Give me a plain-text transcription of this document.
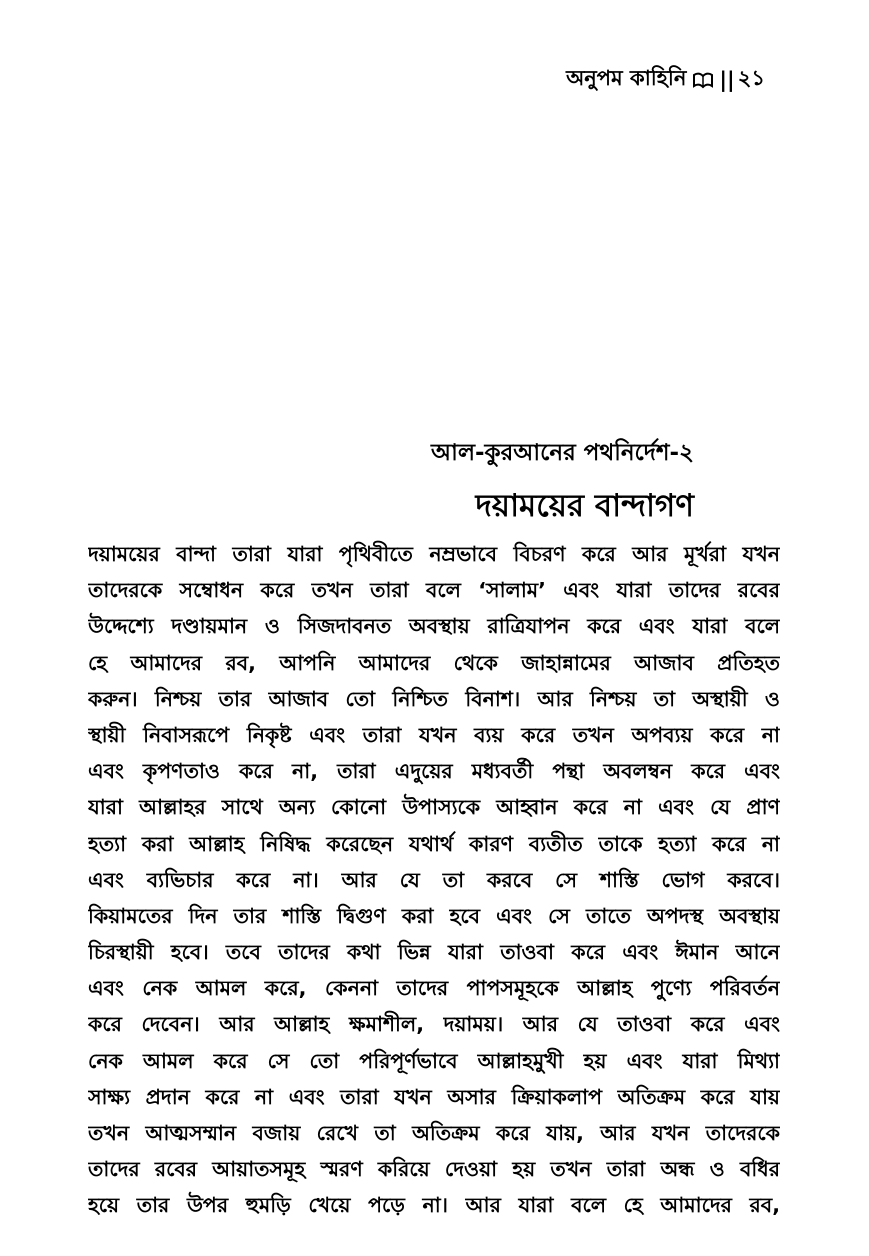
অনুপম কাহিনি || ২১
আল-কুরআনের পথনির্দেশ-২
দয়াময়ের বান্দাগণ
দয়াময়ের বান্দা তারা যারা পৃথিবীতে নম্রভাবে বিচরণ করে আর মূর্খরা যখন
তাদেরকে সম্বোধন করে তখন তারা বলে ‘সালাম’ এবং যারা তাদের রবের
উদ্দেশ্যে দণ্ডায়মান ও সিজদাবনত অবস্থায় রাত্রিযাপন করে এবং যারা বলে
হে আমাদের রব, আপনি আমাদের থেকে জাহান্নামের আজাব প্রতিহত
করুন। নিশ্চয় তার আজাব তো নিশ্চিত বিনাশ। আর নিশ্চয় তা অস্থায়ী ও
স্থায়ী নিবাসরূপে নিকৃষ্ট এবং তারা যখন ব্যয় করে তখন অপব্যয় করে না
এবং কৃপণতাও করে না, তারা এদুয়ের মধ্যবর্তী পন্থা অবলম্বন করে এবং
যারা আল্লাহর সাথে অন্য কোনো উপাস্যকে আহ্বান করে না এবং যে প্রাণ
হত্যা করা আল্লাহ নিষিদ্ধ করেছেন যথার্থ কারণ ব্যতীত তাকে হত্যা করে না
এবং ব্যভিচার করে না। আর যে তা করবে সে শাস্তি ভোগ করবে।
কিয়ামতের দিন তার শাস্তি দ্বিগুণ করা হবে এবং সে তাতে অপদস্থ অবস্থায়
চিরস্থায়ী হবে। তবে তাদের কথা ভিন্ন যারা তাওবা করে এবং ঈমান আনে
এবং নেক আমল করে, কেননা তাদের পাপসমূহকে আল্লাহ পুণ্যে পরিবর্তন
করে দেবেন। আর আল্লাহ ক্ষমাশীল, দয়াময়। আর যে তাওবা করে এবং
নেক আমল করে সে তো পরিপূর্ণভাবে আল্লাহমুখী হয় এবং যারা মিথ্যা
সাক্ষ্য প্রদান করে না এবং তারা যখন অসার ক্রিয়াকলাপ অতিক্রম করে যায়
তখন আত্মসম্মান বজায় রেখে তা অতিক্রম করে যায়, আর যখন তাদেরকে
তাদের রবের আয়াতসমূহ স্মরণ করিয়ে দেওয়া হয় তখন তারা অন্ধ ও বধির
হয়ে তার উপর হুমড়ি খেয়ে পড়ে না। আর যারা বলে হে আমাদের রব,
